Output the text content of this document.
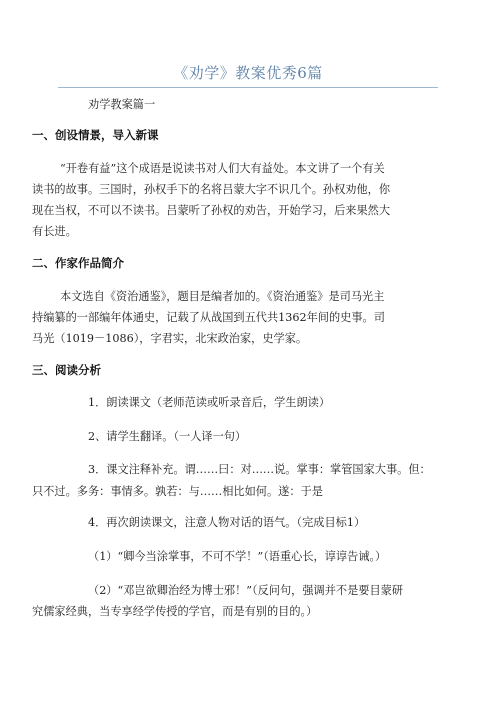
《劝学》教案优秀6篇
劝学教案篇一
一、创设情景，导入新课
“开卷有益”这个成语是说读书对人们大有益处。本文讲了一个有关
读书的故事。三国时，孙权手下的名将吕蒙大字不识几个。孙权劝他，你
现在当权，不可以不读书。吕蒙听了孙权的劝告，开始学习，后来果然大
有长进。
二、作家作品简介
本文选自《资治通鉴》，题目是编者加的。《资治通鉴》是司马光主
持编纂的一部编年体通史，记载了从战国到五代共1362年间的史事。司
马光（1019－1086），字君实，北宋政治家，史学家。
三、阅读分析
1．朗读课文（老师范读或听录音后，学生朗读）
2、请学生翻译。（一人译一句）
3．课文注释补充。谓……曰：对……说。掌事：掌管国家大事。但：
只不过。多务：事情多。孰若：与……相比如何。遂：于是
4．再次朗读课文，注意人物对话的语气。（完成目标1）
（1）“卿今当涂掌事，不可不学！”（语重心长，谆谆告诫。）
（2）“邓岂欲卿治经为博士邪！”（反问句，强调并不是要目蒙研
究儒家经典，当专享经学传授的学官，而是有别的目的。）
